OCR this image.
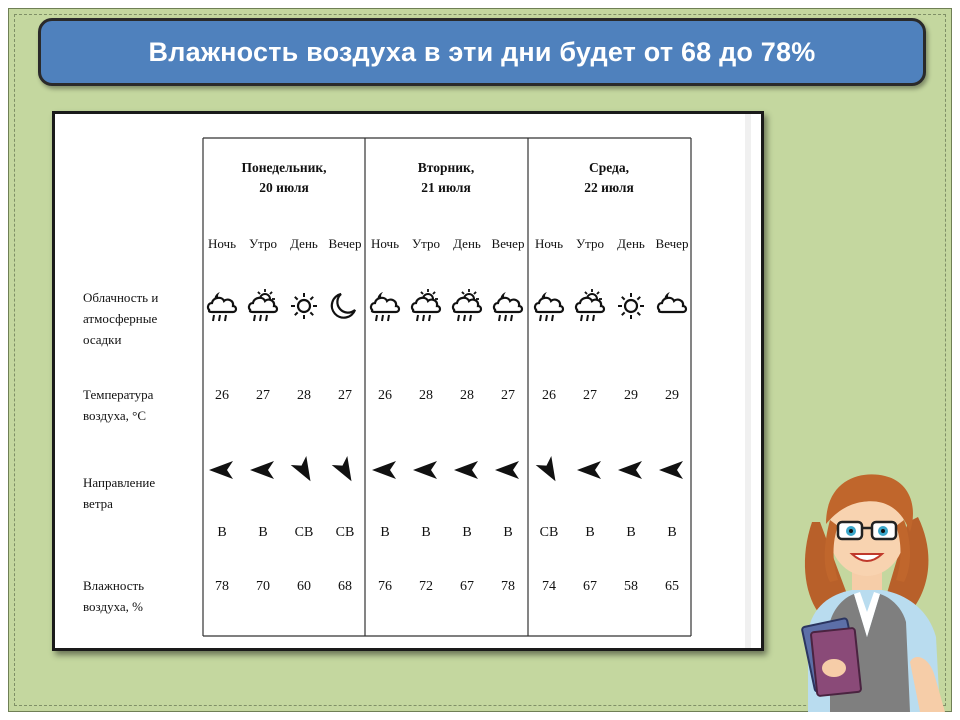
Влажность воздуха в эти дни будет от 68 до 78%
Облачность и
атмосферные
осадки
Температура
воздуха, °С
Направление
ветра
Влажность
воздуха, %
Понедельник,
20 июля
Вторник,
21 июля
Среда,
22 июля
Ночь Утро День Вечер Ночь Утро День Вечер Ночь Утро День Вечер
26 27 28 27 26 28 28 27 26 27 29 29
В В СВ СВ В В В В СВ В В В
78 70 60 68 76 72 67 78 74 67 58 65
